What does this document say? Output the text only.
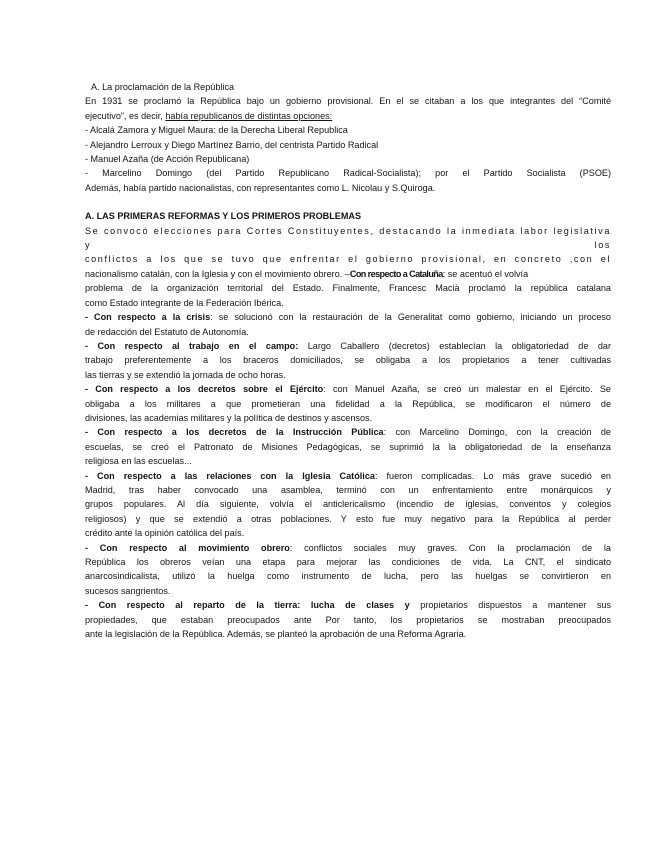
A. La proclamación de la República
En 1931 se proclamó la República bajo un gobierno provisional. En el se citaban a los que integrantes del “Comité
ejecutivo”, es decir, había republicanos de distintas opciones:
- Alcalá Zamora y Miguel Maura: de la Derecha Liberal Republica
- Alejandro Lerroux y Diego Martínez Barrio, del centrista Partido Radical
- Manuel Azaña (de Acción Republicana)
- Marcelino Domingo (del Partido Republicano Radical-Socialista); por el Partido Socialista (PSOE)
Además, había partido nacionalistas, con representantes como L. Nicolau y S.Quiroga.
A. LAS PRIMERAS REFORMAS Y LOS PRIMEROS PROBLEMAS
Se convocó elecciones para Cortes Constituyentes, destacando la inmediata labor legislativa y los
conflictos a los que se tuvo que enfrentar el gobierno provisional, en concreto ,con el
nacionalismo catalán, con la Iglesia y con el movimiento obrero. –Con respecto a Cataluña: se acentuó el volvía
problema de la organización territorial del Estado. Finalmente, Francesc Macià proclamó la república catalana
como Estado integrante de la Federación Ibérica.
- Con respecto a la crisis: se solucionó con la restauración de la Generalitat como gobierno, iniciando un proceso
de redacción del Estatuto de Autonomía.
- Con respecto al trabajo en el campo: Largo Caballero (decretos) establecían la obligatoriedad de dar
trabajo preferentemente a los braceros domiciliados, se obligaba a los propietarios a tener cultivadas
las tierras y se extendió la jornada de ocho horas.
- Con respecto a los decretos sobre el Ejército: con Manuel Azaña, se creó un malestar en el Ejército. Se
obligaba a los militares a que prometieran una fidelidad a la República, se modificaron el número de
divisiones, las academias militares y la política de destinos y ascensos.
- Con respecto a los decretos de la Instrucción Pública: con Marcelino Domingo, con la creación de
escuelas, se creó el Patronato de Misiones Pedagógicas, se suprimió la la obligatoriedad de la enseñanza
religiosa en las escuelas...
- Con respecto a las relaciones con la Iglesia Católica: fueron complicadas. Lo más grave sucedió en
Madrid, tras haber convocado una asamblea, terminó con un enfrentamiento entre monárquicos y
grupos populares. Al día siguiente, volvía el anticlericalismo (incendio de iglesias, conventos y colegios
religiosos) y que se extendió a otras poblaciones. Y esto fue muy negativo para la República al perder
crédito ante la opinión católica del país.
- Con respecto al movimiento obrero: conflictos sociales muy graves. Con la proclamación de la
República los obreros veían una etapa para mejorar las condiciones de vida. La CNT, el sindicato
anarcosindicalista, utilizó la huelga como instrumento de lucha, pero las huelgas se convirtieron en
sucesos sangrientos.
- Con respecto al reparto de la tierra: lucha de clases y propietarios dispuestos a mantener sus
propiedades, que estaban preocupados ante Por tanto, los propietarios se mostraban preocupados
ante la legislación de la República. Además, se planteó la aprobación de una Reforma Agraria.
